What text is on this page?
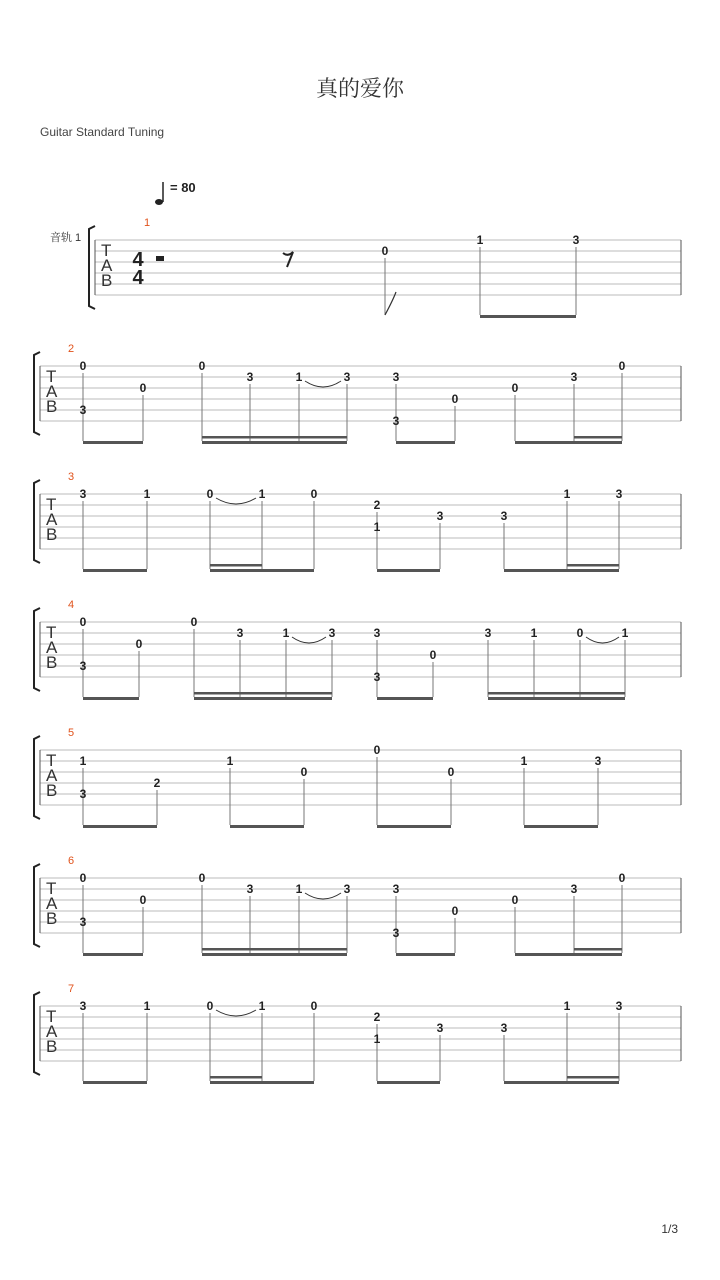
真的爱你
Guitar Standard Tuning
= 80
音轨 1
1/3
T
A
B
1
0
1	3
T
A
B
2
0
3
0
0
3	1	3	3
3
0
0
3
0
T
A
B
3
3	1	0	1	0
2
1
3	3
1	3
T
A
B
4
0
3
0
0
3	1	3	3
3
0
3	1	0	1
T
A
B
5
1
3
2
1
0
0
0
1	3
T
A
B
6
0
3
0
0
3	1	3	3
3
0
0
3
0
T
A
B
7
3	1	0	1	0
2
1
3	3
1	3
4
4
